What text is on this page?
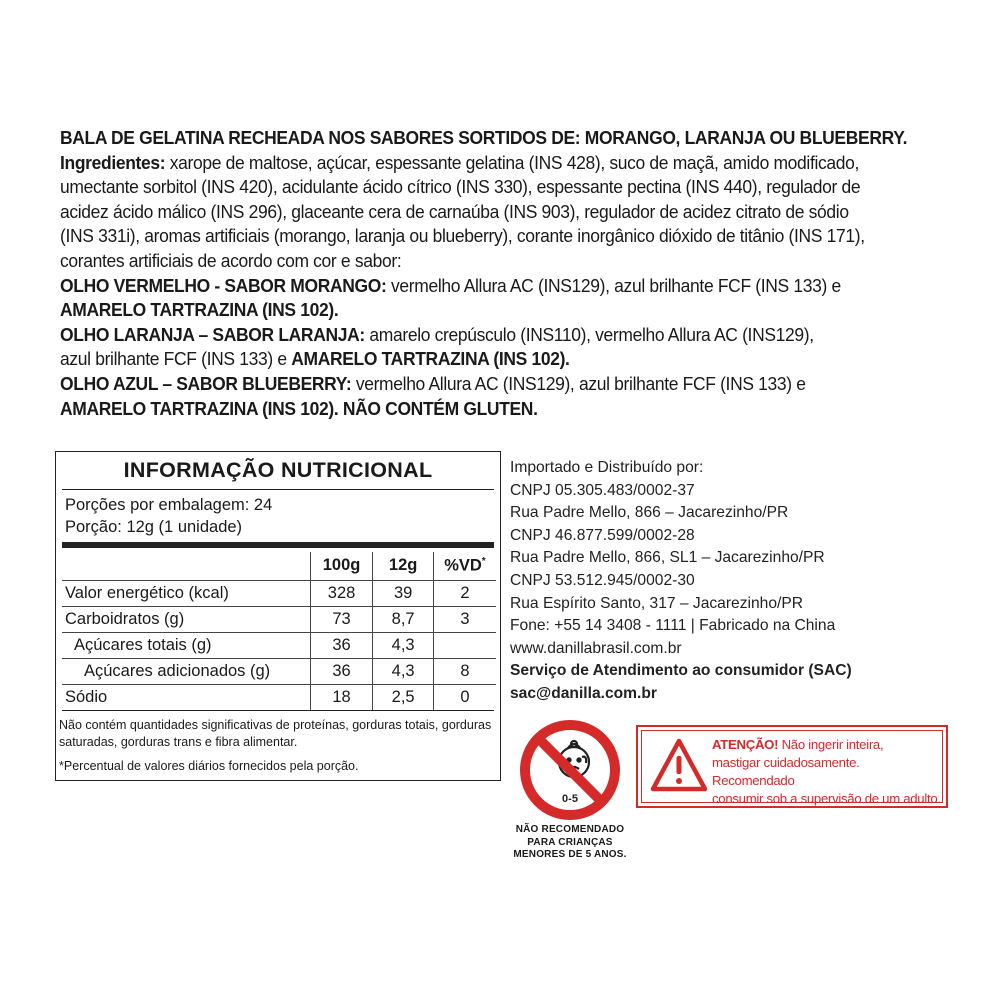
BALA DE GELATINA RECHEADA NOS SABORES SORTIDOS DE: MORANGO, LARANJA OU BLUEBERRY.
Ingredientes: xarope de maltose, açúcar, espessante gelatina (INS 428), suco de maçã, amido modificado,
umectante sorbitol (INS 420), acidulante ácido cítrico (INS 330), espessante pectina (INS 440), regulador de
acidez ácido málico (INS 296), glaceante cera de carnaúba (INS 903), regulador de acidez citrato de sódio
(INS 331i), aromas artificiais (morango, laranja ou blueberry), corante inorgânico dióxido de titânio (INS 171),
corantes artificiais de acordo com cor e sabor:
OLHO VERMELHO - SABOR MORANGO: vermelho Allura AC (INS129), azul brilhante FCF (INS 133) e
AMARELO TARTRAZINA (INS 102).
OLHO LARANJA – SABOR LARANJA: amarelo crepúsculo (INS110), vermelho Allura AC (INS129),
azul brilhante FCF (INS 133) e AMARELO TARTRAZINA (INS 102).
OLHO AZUL – SABOR BLUEBERRY: vermelho Allura AC (INS129), azul brilhante FCF (INS 133) e
AMARELO TARTRAZINA (INS 102). NÃO CONTÉM GLUTEN.
INFORMAÇÃO NUTRICIONAL
Porções por embalagem: 24
Porção: 12g (1 unidade)
	100g	12g	%VD*
Valor energético (kcal)	328	39	2
Carboidratos (g)	73	8,7	3
Açúcares totais (g)	36	4,3	
Açúcares adicionados (g)	36	4,3	8
Sódio	18	2,5	0
Não contém quantidades significativas de proteínas, gorduras totais, gorduras saturadas, gorduras trans e fibra alimentar.
*Percentual de valores diários fornecidos pela porção.
Importado e Distribuído por:
CNPJ 05.305.483/0002-37
Rua Padre Mello, 866 – Jacarezinho/PR
CNPJ 46.877.599/0002-28
Rua Padre Mello, 866, SL1 – Jacarezinho/PR
CNPJ 53.512.945/0002-30
Rua Espírito Santo, 317 – Jacarezinho/PR
Fone: +55 14 3408 - 1111 | Fabricado na China
www.danillabrasil.com.br
Serviço de Atendimento ao consumidor (SAC)
sac@danilla.com.br
0-5
NÃO RECOMENDADO
PARA CRIANÇAS
MENORES DE 5 ANOS.
ATENÇÃO! Não ingerir inteira,
mastigar cuidadosamente. Recomendado
consumir sob a supervisão de um adulto.
